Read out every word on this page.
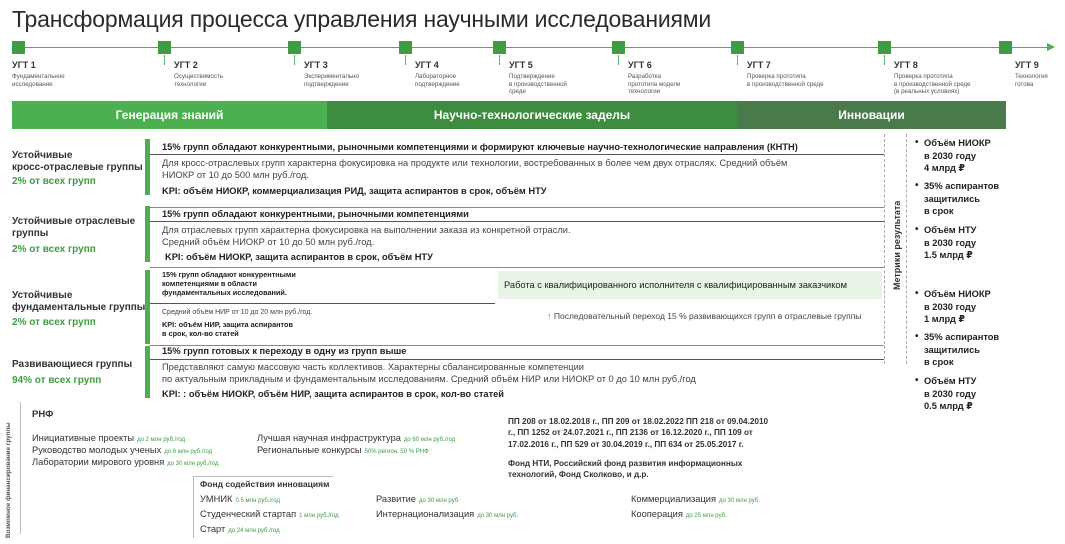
Трансформация процесса управления научными исследованиями
УГТ 1
Фундаментальное
исследование
УГТ 2
Осуществимость
технологии
УГТ 3
Экспериментально
подтверждение
УГТ 4
Лабораторное
подтверждение
УГТ 5
Подтверждение
в производственной
среде
УГТ 6
Разработка
прототипа модели
технологии
УГТ 7
Проверка прототипа
в производственной среде
УГТ 8
Проверка прототипа
в производственной среде
(в реальных условиях)
УГТ 9
Технология
готова
Генерация знаний	Научно-технологические заделы	Инновации
Устойчивые
кросс-отраслевые группы
2% от всех групп
15% групп обладают конкурентными, рыночными компетенциями и формируют ключевые научно-технологические направления (КНТН)
Для кросс-отраслевых групп характерна фокусировка на продукте или технологии, востребованных в более чем двух отраслях. Средний объём
НИОКР от 10 до 500 млн руб./год.
KPI: объём НИОКР, коммерциализация РИД, защита аспирантов в срок, объём НТУ
Устойчивые отраслевые
группы
2% от всех групп
15% групп обладают конкурентными, рыночными компетенциями
Для отраслевых групп характерна фокусировка на выполнении заказа из конкретной отрасли.
Средний объём НИОКР от 10 до 50 млн руб./год.
KPI: объём НИОКР, защита аспирантов в срок, объём НТУ
Устойчивые
фундаментальные группы
2% от всех групп
15% групп обладают конкурентными
компетенциями в области
фундаментальных исследований.
Средний объём НИР от 10 до 20 млн руб./год.
KPI: объём НИР, защита аспирантов
в срок, кол-во статей
Работа с квалифицированного исполнителя с квалифицированным заказчиком
↑ Последовательный переход 15 % развивающихся групп в отраслевые группы
Развивающиеся группы
94% от всех групп
15% групп готовых к переходу в одну из групп выше
Представляют самую массовую часть коллективов. Характерны сбалансированные компетенции
по актуальным прикладным и фундаментальным исследованиям. Средний объём НИР или НИОКР от 0 до 10 млн руб./год
KPI: : объём НИОКР, объём НИР, защита аспирантов в срок, кол-во статей
Метрики результата
• Объём НИОКР
в 2030 году
4 млрд ₽
• 35% аспирантов
защитились
в срок
• Объём НТУ
в 2030 году
1.5 млрд ₽
• Объём НИОКР
в 2030 году
1 млрд ₽
• 35% аспирантов
защитились
в срок
• Объём НТУ
в 2030 году
0.5 млрд ₽
Возможное финансирование группы
РНФ
Инициативные проекты до 2 млн руб./год
Руководство молодых ученых до 6 млн руб./год
Лаборатории мирового уровня до 30 млн руб./год
Лучшая научная инфраструктура до 60 млн руб./год
Региональные конкурсы 50% регион, 50 % РНФ
ПП 208 от 18.02.2018 г., ПП 209 от 18.02.2022 ПП 218 от 09.04.2010
г., ПП 1252 от 24.07.2021 г., ПП 2136 от 16.12.2020 г., ПП 109 от
17.02.2016 г., ПП 529 от 30.04.2019 г., ПП 634 от 25.05.2017 г.
Фонд НТИ, Российский фонд развития информационных
технологий, Фонд Сколково, и д.р.
Фонд содействия инновациям
УМНИК 0.5 млн руб./год
Студенческий стартап 1 млн руб./год
Старт до 24 млн руб./год
Развитие до 30 млн руб.
Интернационализация до 30 млн руб.
Коммерциализация до 30 млн руб.
Кооперация до 25 млн руб.
